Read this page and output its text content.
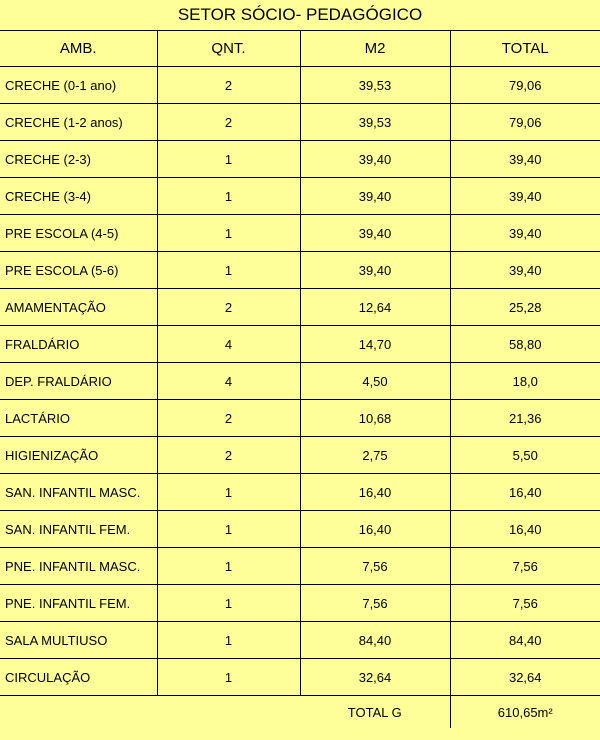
SETOR SÓCIO- PEDAGÓGICO
AMB.	QNT.	M2	TOTAL
CRECHE (0-1 ano)	2	39,53	79,06
CRECHE (1-2 anos)	2	39,53	79,06
CRECHE (2-3)	1	39,40	39,40
CRECHE (3-4)	1	39,40	39,40
PRE ESCOLA (4-5)	1	39,40	39,40
PRE ESCOLA (5-6)	1	39,40	39,40
AMAMENTAÇÃO	2	12,64	25,28
FRALDÁRIO	4	14,70	58,80
DEP. FRALDÁRIO	4	4,50	18,0
LACTÁRIO	2	10,68	21,36
HIGIENIZAÇÃO	2	2,75	5,50
SAN. INFANTIL MASC.	1	16,40	16,40
SAN. INFANTIL FEM.	1	16,40	16,40
PNE. INFANTIL MASC.	1	7,56	7,56
PNE. INFANTIL FEM.	1	7,56	7,56
SALA MULTIUSO	1	84,40	84,40
CIRCULAÇÃO	1	32,64	32,64
		TOTAL G	610,65m²
